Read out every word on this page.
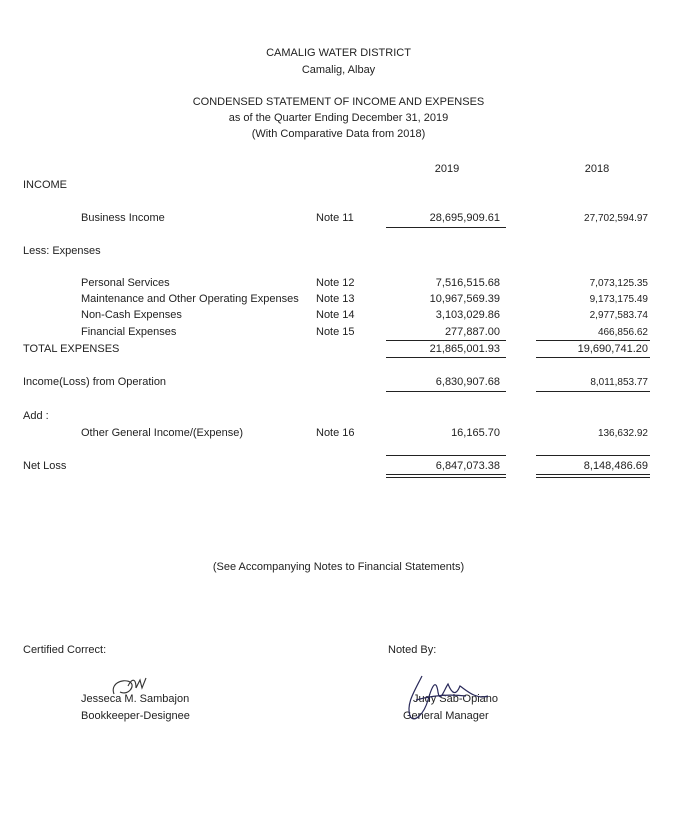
CAMALIG WATER DISTRICT
Camalig, Albay
CONDENSED STATEMENT OF INCOME AND EXPENSES
as of the Quarter Ending December 31, 2019
(With Comparative Data from 2018)
2019	2018
INCOME
Business Income	Note 11	28,695,909.61	27,702,594.97
Less: Expenses
Personal Services	Note 12	7,516,515.68	7,073,125.35
Maintenance and Other Operating Expenses Note 13	10,967,569.39	9,173,175.49
Non-Cash Expenses	Note 14	3,103,029.86	2,977,583.74
Financial Expenses	Note 15	277,887.00	466,856.62
TOTAL EXPENSES	21,865,001.93	19,690,741.20
Income(Loss) from Operation	6,830,907.68	8,011,853.77
Add :
Other General Income/(Expense)	Note 16	16,165.70	136,632.92
Net Loss	6,847,073.38	8,148,486.69
(See Accompanying Notes to Financial Statements)
Certified Correct:
Jesseca M. Sambajon
Bookkeeper-Designee
Noted By:
Judy Sab-Opiano
General Manager
